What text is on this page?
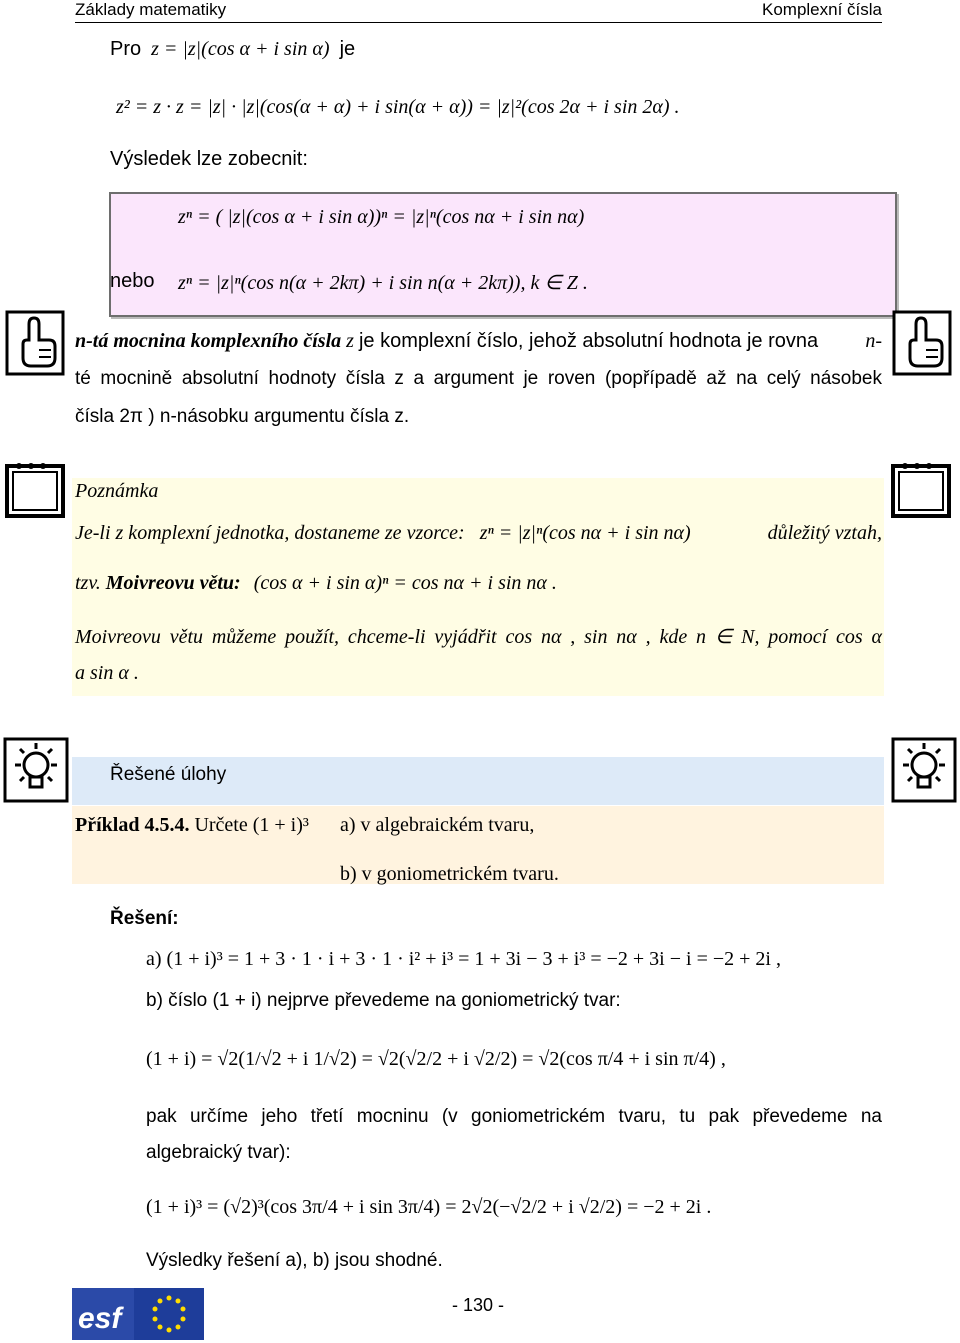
Základy matematiky	Komplexní čísla
Pro z = |z|(cos α + i sin α) je
z² = z · z = |z| · |z|(cos(α + α) + i sin(α + α)) = |z|²(cos 2α + i sin 2α) .
Výsledek lze zobecnit:
zⁿ = ( |z|(cos α + i sin α))ⁿ = |z|ⁿ(cos nα + i sin nα)
nebo zⁿ = |z|ⁿ(cos n(α + 2kπ) + i sin n(α + 2kπ)), k ∈ Z .
n-tá mocnina komplexního čísla z je komplexní číslo, jehož absolutní hodnota je rovna n-
té mocnině absolutní hodnoty čísla z a argument je roven (popřípadě až na celý násobek
čísla 2π ) n-násobku argumentu čísla z.
Poznámka
Je-li z komplexní jednotka, dostaneme ze vzorce: zⁿ = |z|ⁿ(cos nα + i sin nα)	důležitý vztah,
tzv. Moivreovu větu: (cos α + i sin α)ⁿ = cos nα + i sin nα .
Moivreovu větu můžeme použít, chceme-li vyjádřit cos nα , sin nα , kde n ∈ N, pomocí cos α
a sin α .
Řešené úlohy
Příklad 4.5.4. Určete (1 + i)³ a) v algebraickém tvaru,
b) v goniometrickém tvaru.
Řešení:
a) (1 + i)³ = 1 + 3 · 1 · i + 3 · 1 · i² + i³ = 1 + 3i − 3 + i³ = −2 + 3i − i = −2 + 2i ,
b) číslo (1 + i) nejprve převedeme na goniometrický tvar:
(1 + i) = √2(1/√2 + i 1/√2) = √2(√2/2 + i √2/2) = √2(cos π/4 + i sin π/4) ,
pak určíme jeho třetí mocninu (v goniometrickém tvaru, tu pak převedeme na
algebraický tvar):
(1 + i)³ = (√2)³(cos 3π/4 + i sin 3π/4) = 2√2(−√2/2 + i √2/2) = −2 + 2i .
Výsledky řešení a), b) jsou shodné.
- 130 -
esf
